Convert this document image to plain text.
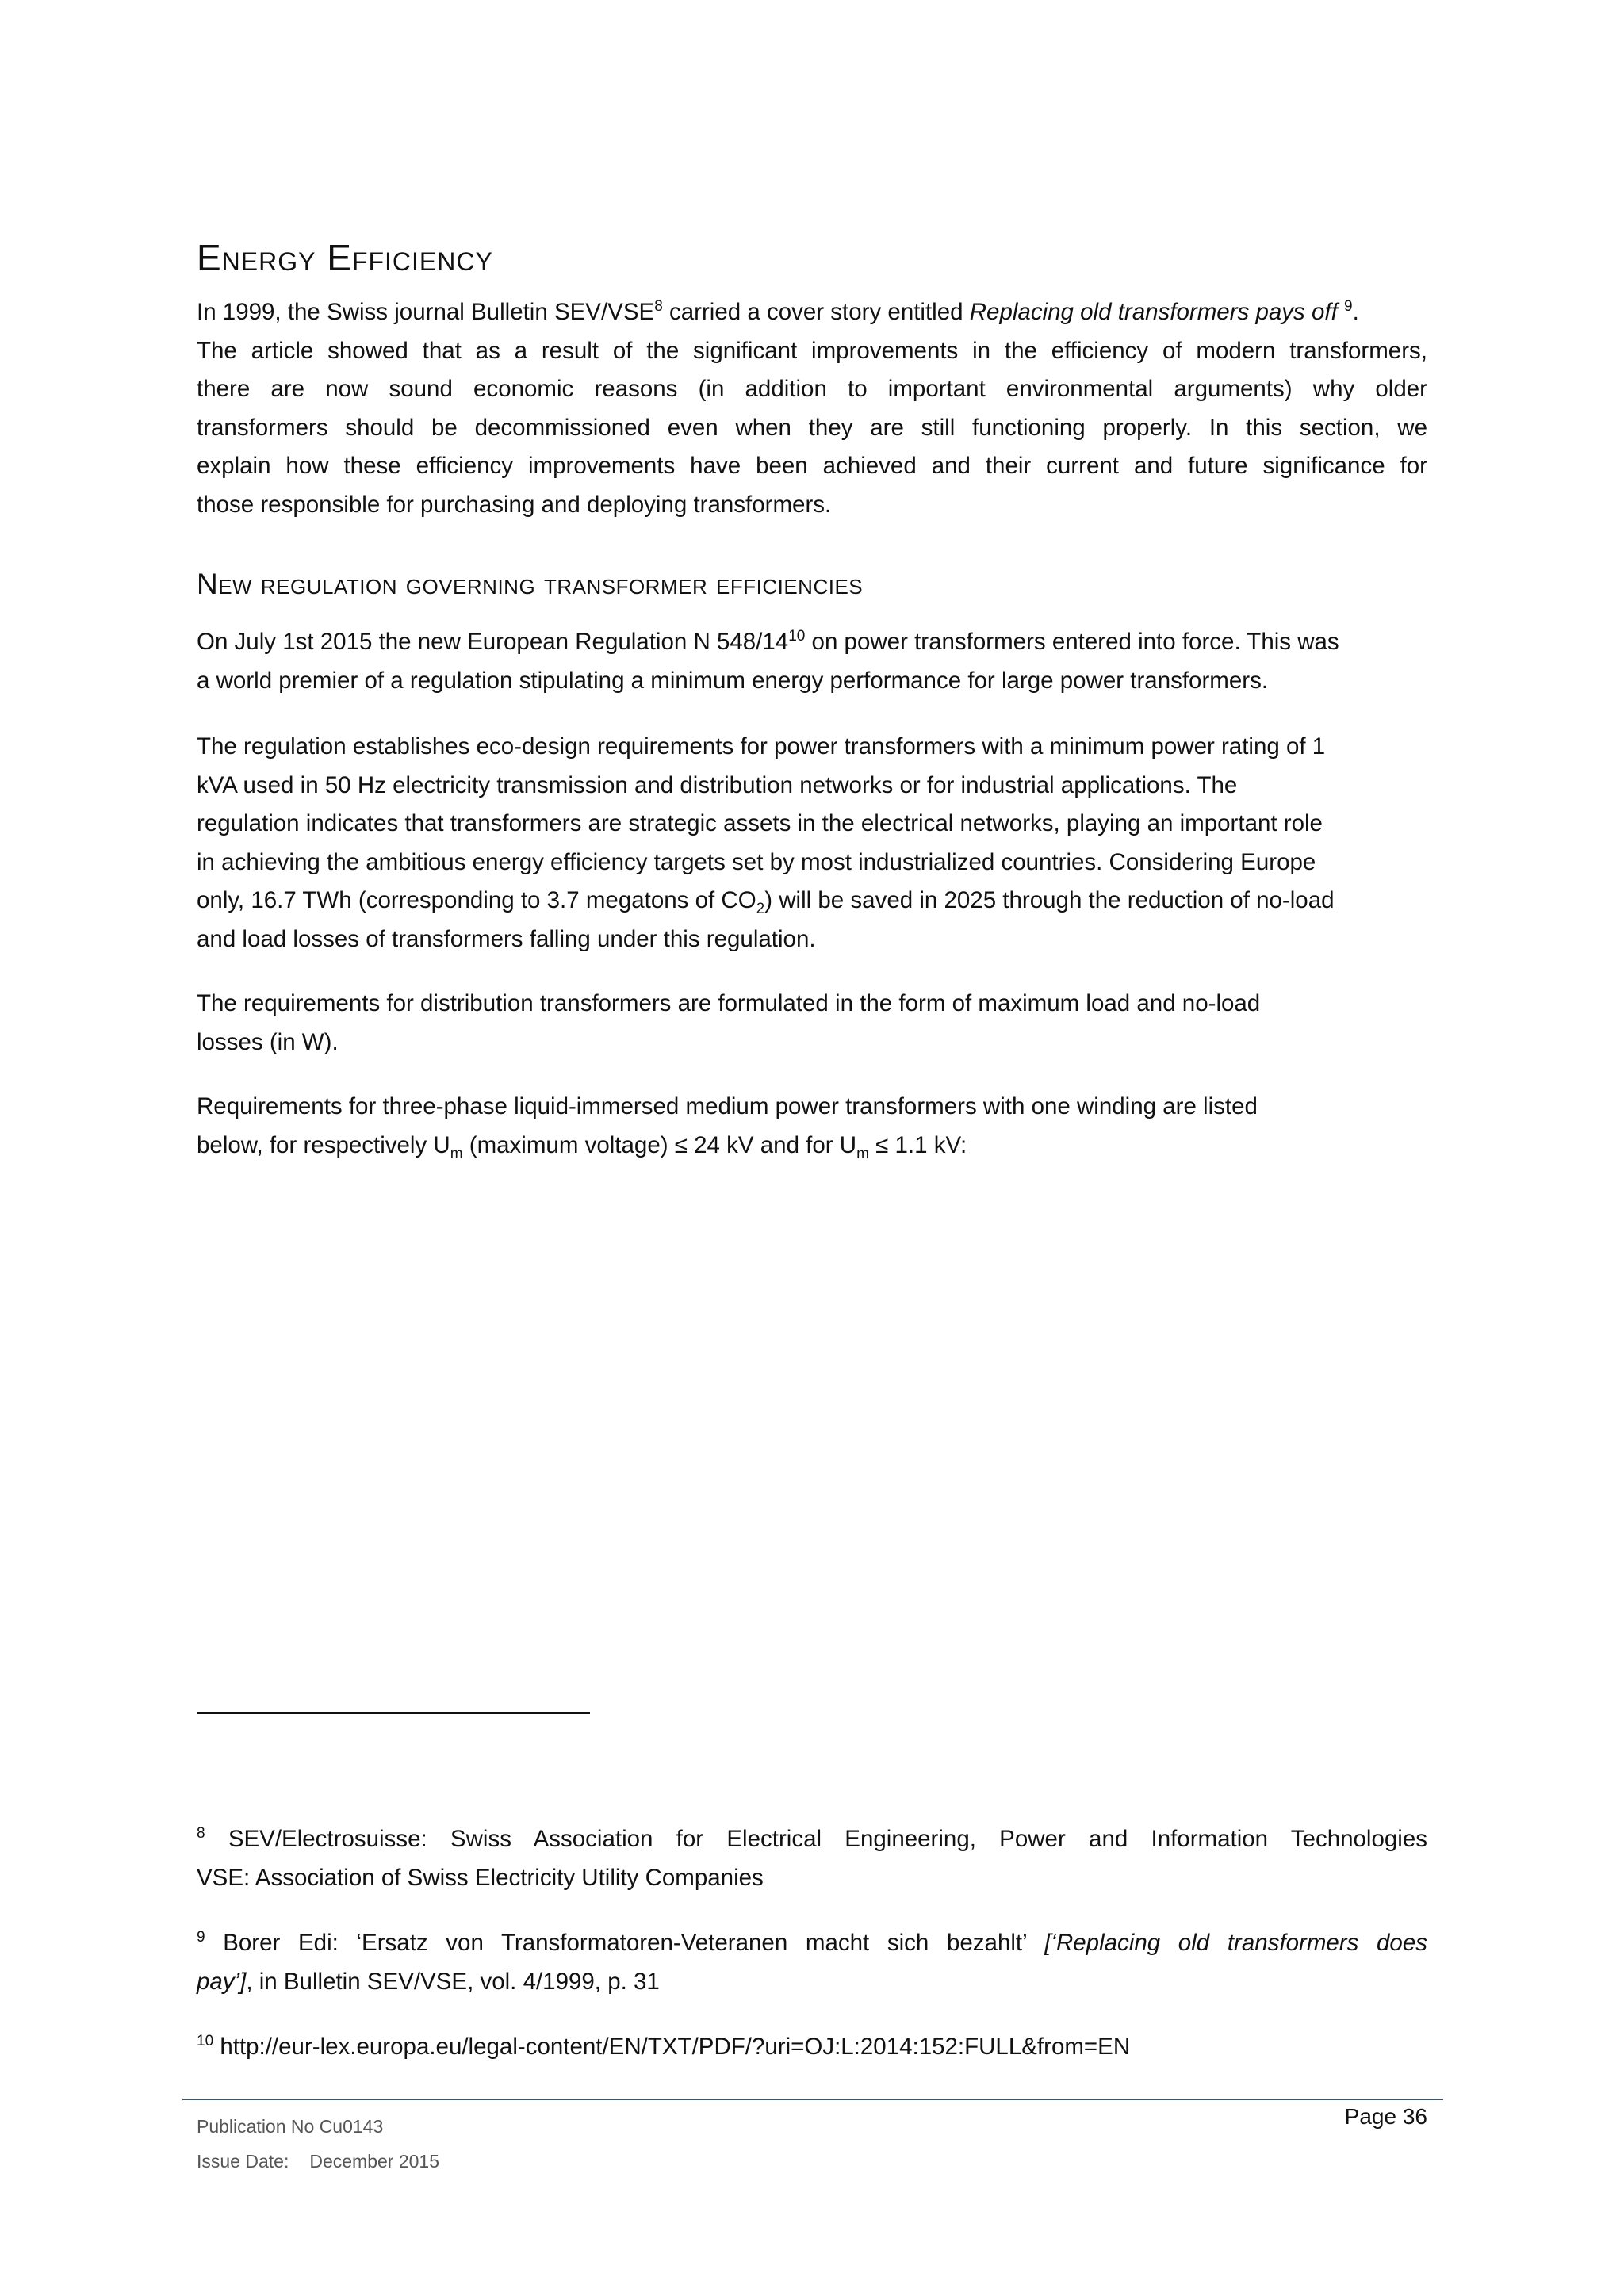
Energy Efficiency
In 1999, the Swiss journal Bulletin SEV/VSE$^8$ carried a cover story entitled Replacing old transformers pays off $^9$.
The article showed that as a result of the significant improvements in the efficiency of modern transformers,
there are now sound economic reasons (in addition to important environmental arguments) why older
transformers should be decommissioned even when they are still functioning properly. In this section, we
explain how these efficiency improvements have been achieved and their current and future significance for
those responsible for purchasing and deploying transformers.
New regulation governing transformer efficiencies
On July 1st 2015 the new European Regulation N $548/14^{10}$ on power transformers entered into force. This was
a world premier of a regulation stipulating a minimum energy performance for large power transformers.
The regulation establishes eco-design requirements for power transformers with a minimum power rating of 1
kVA used in 50 Hz electricity transmission and distribution networks or for industrial applications. The
regulation indicates that transformers are strategic assets in the electrical networks, playing an important role
in achieving the ambitious energy efficiency targets set by most industrialized countries. Considering Europe
only, 16.7 TWh (corresponding to 3.7 megatons of $CO_2$) will be saved in 2025 through the reduction of no-load
and load losses of transformers falling under this regulation.
The requirements for distribution transformers are formulated in the form of maximum load and no-load
losses (in W).
Requirements for three-phase liquid-immersed medium power transformers with one winding are listed
below, for respectively $U_m$ (maximum voltage) ≤ 24 kV and for $U_m \le 1.1$ kV:
$^8$ SEV/Electrosuisse: Swiss Association for Electrical Engineering, Power and Information Technologies
VSE: Association of Swiss Electricity Utility Companies
$^9$ Borer Edi: ‘Ersatz von Transformatoren-Veteranen macht sich bezahlt’ [‘Replacing old transformers does
pay’], in Bulletin SEV/VSE, vol. 4/1999, p. 31
$^{10}$ http://eur-lex.europa.eu/legal-content/EN/TXT/PDF/?uri=OJ:L:2014:152:FULL&from=EN
Publication No Cu0143
Issue Date: December 2015
Page 36
